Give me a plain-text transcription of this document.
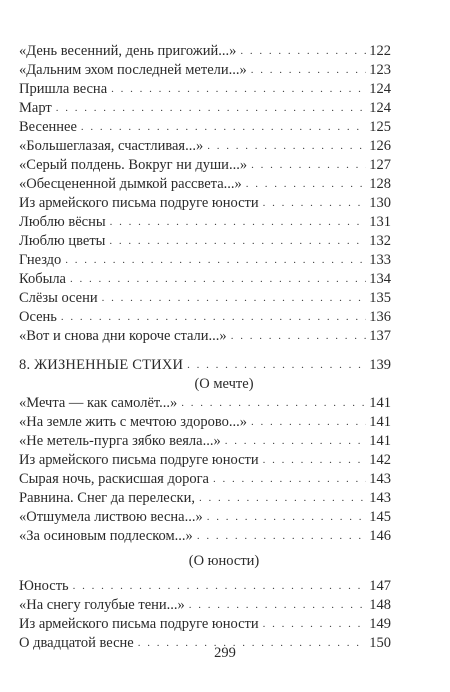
«День весенний, день пригожий...» . . .	122
«Дальним эхом последней метели...» . . .	123
Пришла весна . . .	124
Март . . .	124
Весеннее . . .	125
«Большеглазая, счастливая...» . . .	126
«Серый полдень. Вокруг ни души...» . . .	127
«Обесцененной дымкой рассвета...» . . .	128
Из армейского письма подруге юности . . .	130
Люблю вёсны . . .	131
Люблю цветы . . .	132
Гнездо . . .	133
Кобыла . . .	134
Слёзы осени . . .	135
Осень . . .	136
«Вот и снова дни короче стали...» . . .	137
8. ЖИЗНЕННЫЕ СТИХИ . . .	139
(О мечте)
«Мечта — как самолёт...» . . .	141
«На земле жить с мечтою здорово...» . . .	141
«Не метель-пурга зябко веяла...» . . .	141
Из армейского письма подруге юности . . .	142
Сырая ночь, раскисшая дорога . . .	143
Равнина. Снег да перелески, . . .	143
«Отшумела листвою весна...» . . .	145
«За осиновым подлеском...» . . .	146
(О юности)
Юность . . .	147
«На снегу голубые тени...» . . .	148
Из армейского письма подруге юности . . .	149
О двадцатой весне . . .	150
299
